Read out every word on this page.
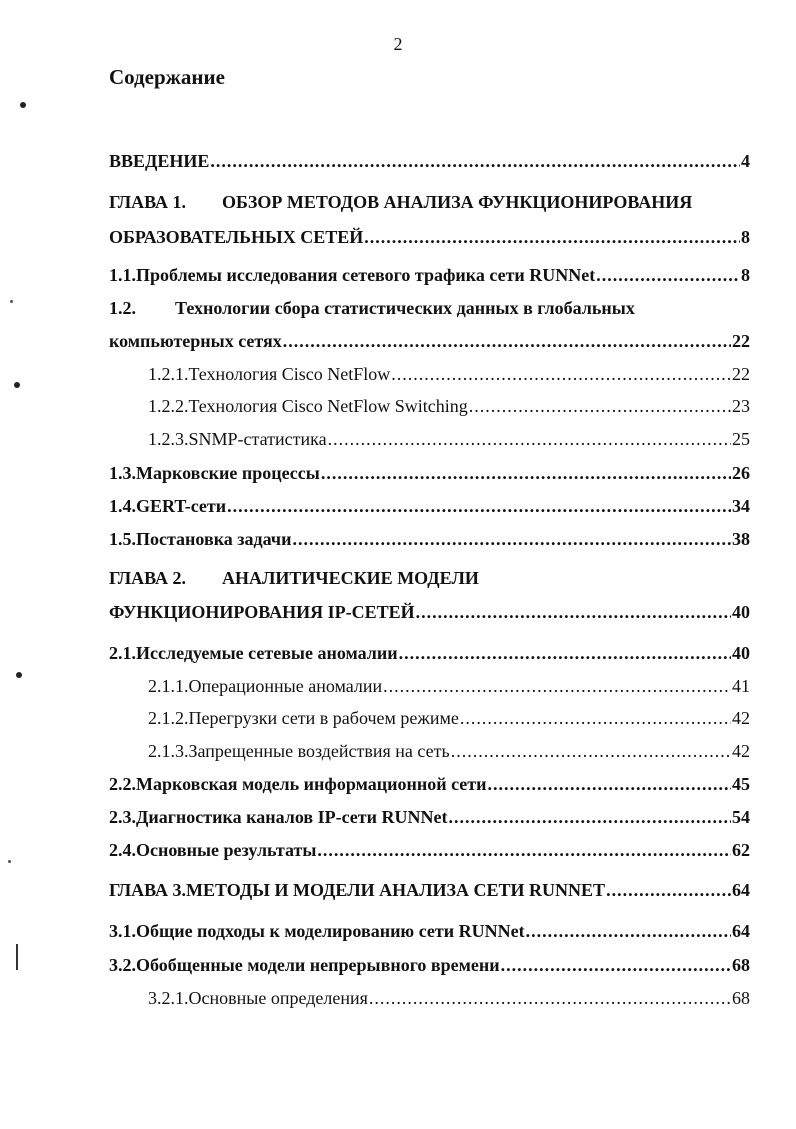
2
Содержание
ВВЕДЕНИЕ .....	4
ГЛАВА 1.	ОБЗОР МЕТОДОВ АНАЛИЗА ФУНКЦИОНИРОВАНИЯ
ОБРАЗОВАТЕЛЬНЫХ СЕТЕЙ .....	8
1.1. Проблемы исследования сетевого трафика сети RUNNet .....	8
1.2.	Технологии сбора статистических данных в глобальных
компьютерных сетях .....	22
1.2.1. Технология Cisco NetFlow .....	22
1.2.2. Технология Cisco NetFlow Switching .....	23
1.2.3. SNMP-статистика .....	25
1.3. Марковские процессы .....	26
1.4. GERT-сети .....	34
1.5. Постановка задачи .....	38
ГЛАВА 2.	АНАЛИТИЧЕСКИЕ МОДЕЛИ
ФУНКЦИОНИРОВАНИЯ IP-СЕТЕЙ .....	40
2.1. Исследуемые сетевые аномалии .....	40
2.1.1. Операционные аномалии .....	41
2.1.2. Перегрузки сети в рабочем режиме .....	42
2.1.3. Запрещенные воздействия на сеть .....	42
2.2. Марковская модель информационной сети .....	45
2.3. Диагностика каналов IP-сети RUNNet .....	54
2.4. Основные результаты .....	62
ГЛАВА 3. МЕТОДЫ И МОДЕЛИ АНАЛИЗА СЕТИ RUNNET .....	64
3.1. Общие подходы к моделированию сети RUNNet .....	64
3.2. Обобщенные модели непрерывного времени .....	68
3.2.1. Основные определения .....	68
